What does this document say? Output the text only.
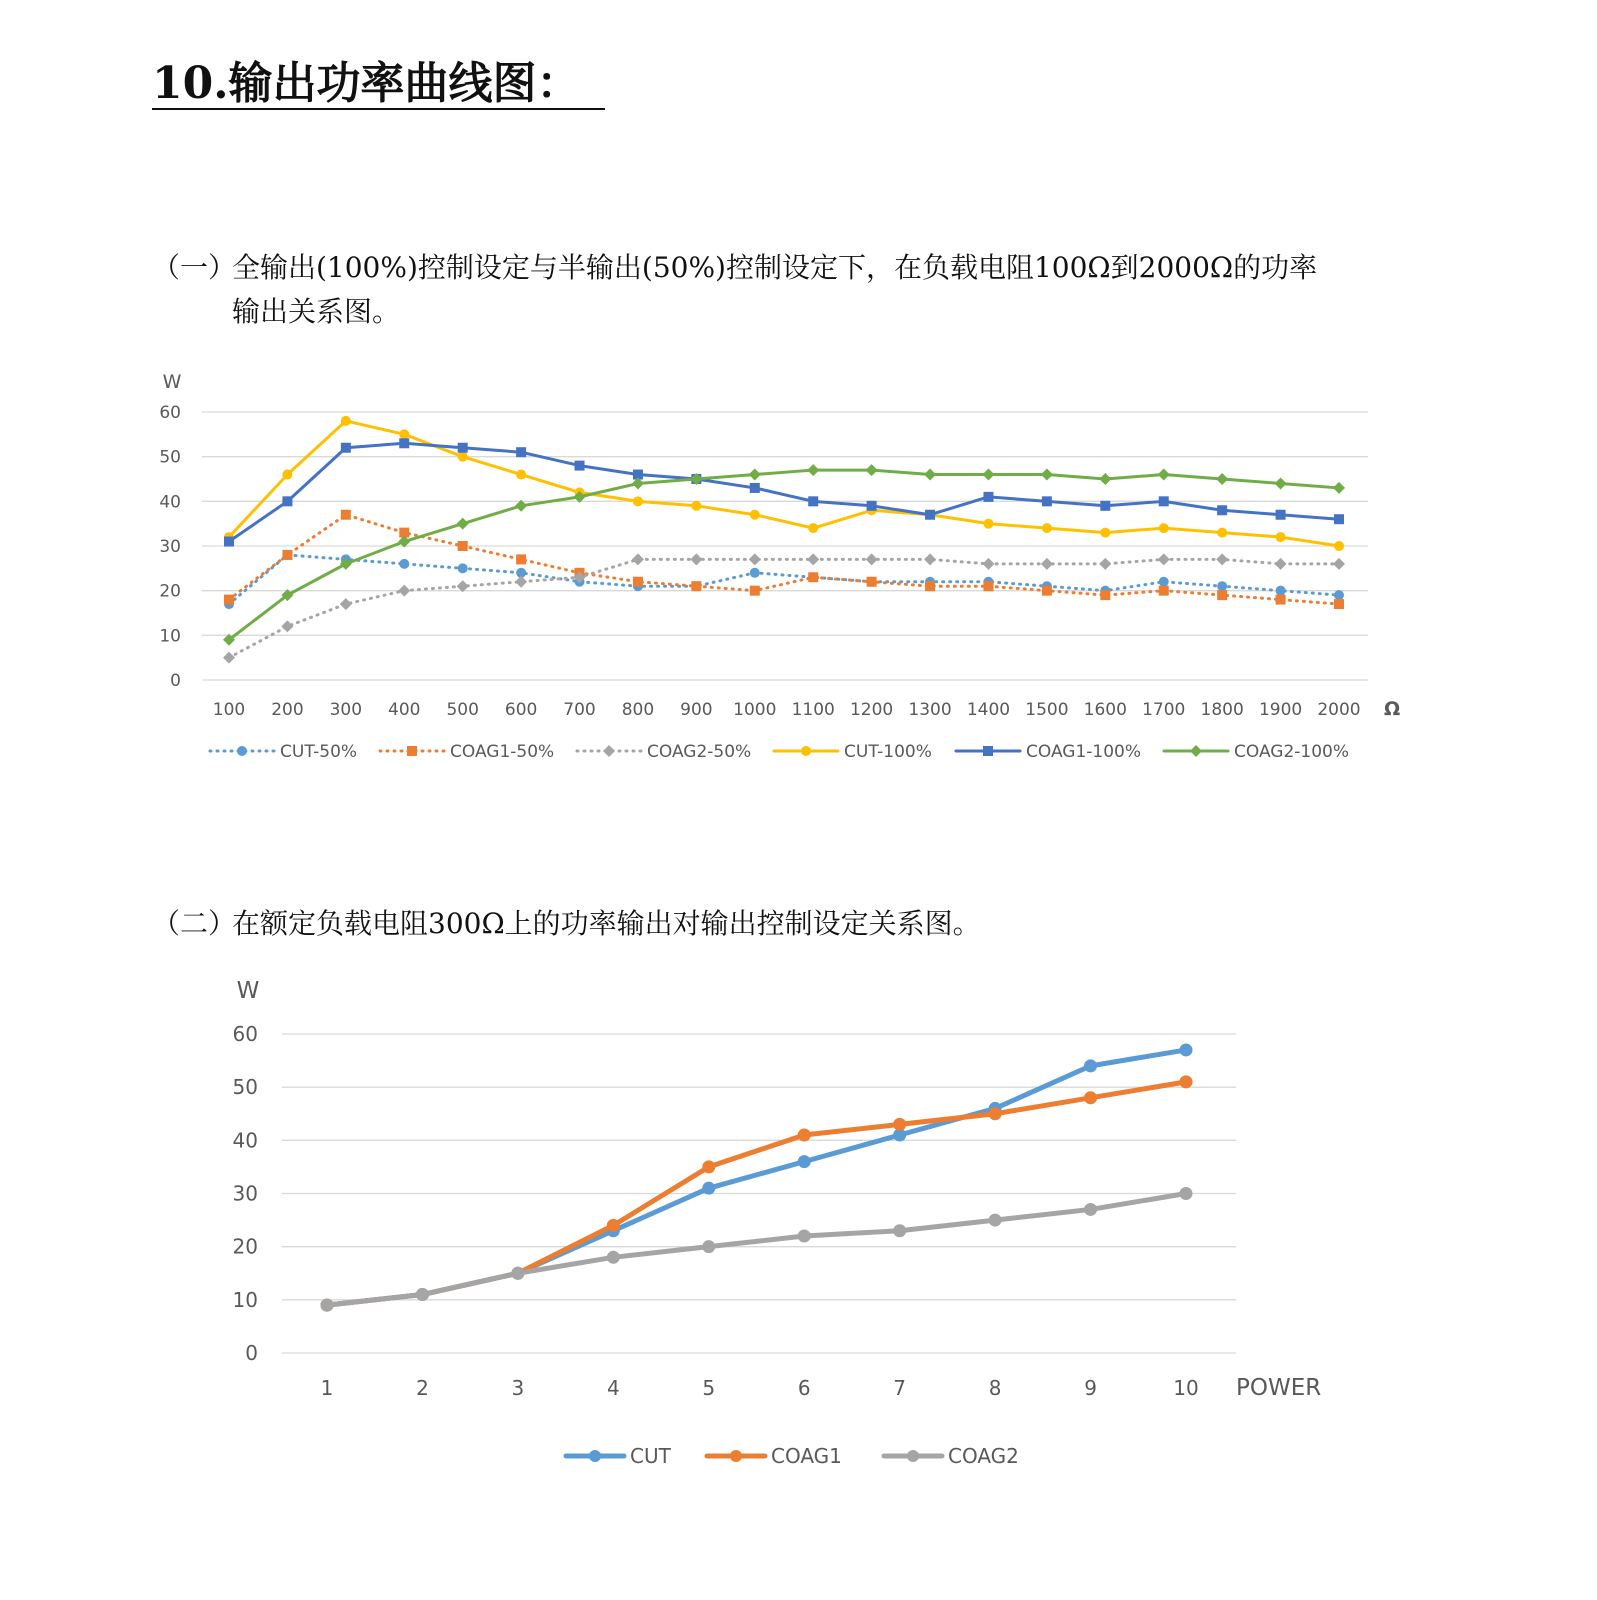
10.输出功率曲线图：

（一）全输出(100%)控制设定与半输出(50%)控制设定下，在负载电阻100Ω到2000Ω的功率
输出关系图。

0
10
20
30
40
50
60
W
100 200 300 400 500 600 700 800 900 1000 1100 1200 1300 1400 1500 1600 1700 1800 1900 2000 Ω
CUT-50%	COAG1-50%	COAG2-50%	CUT-100%	COAG1-100%	COAG2-100%

（二）在额定负载电阻300Ω上的功率输出对输出控制设定关系图。

0
10
20
30
40
50
60
W
1	2	3	4	5	6	7	8	9	10 POWER
CUT	COAG1	COAG2
